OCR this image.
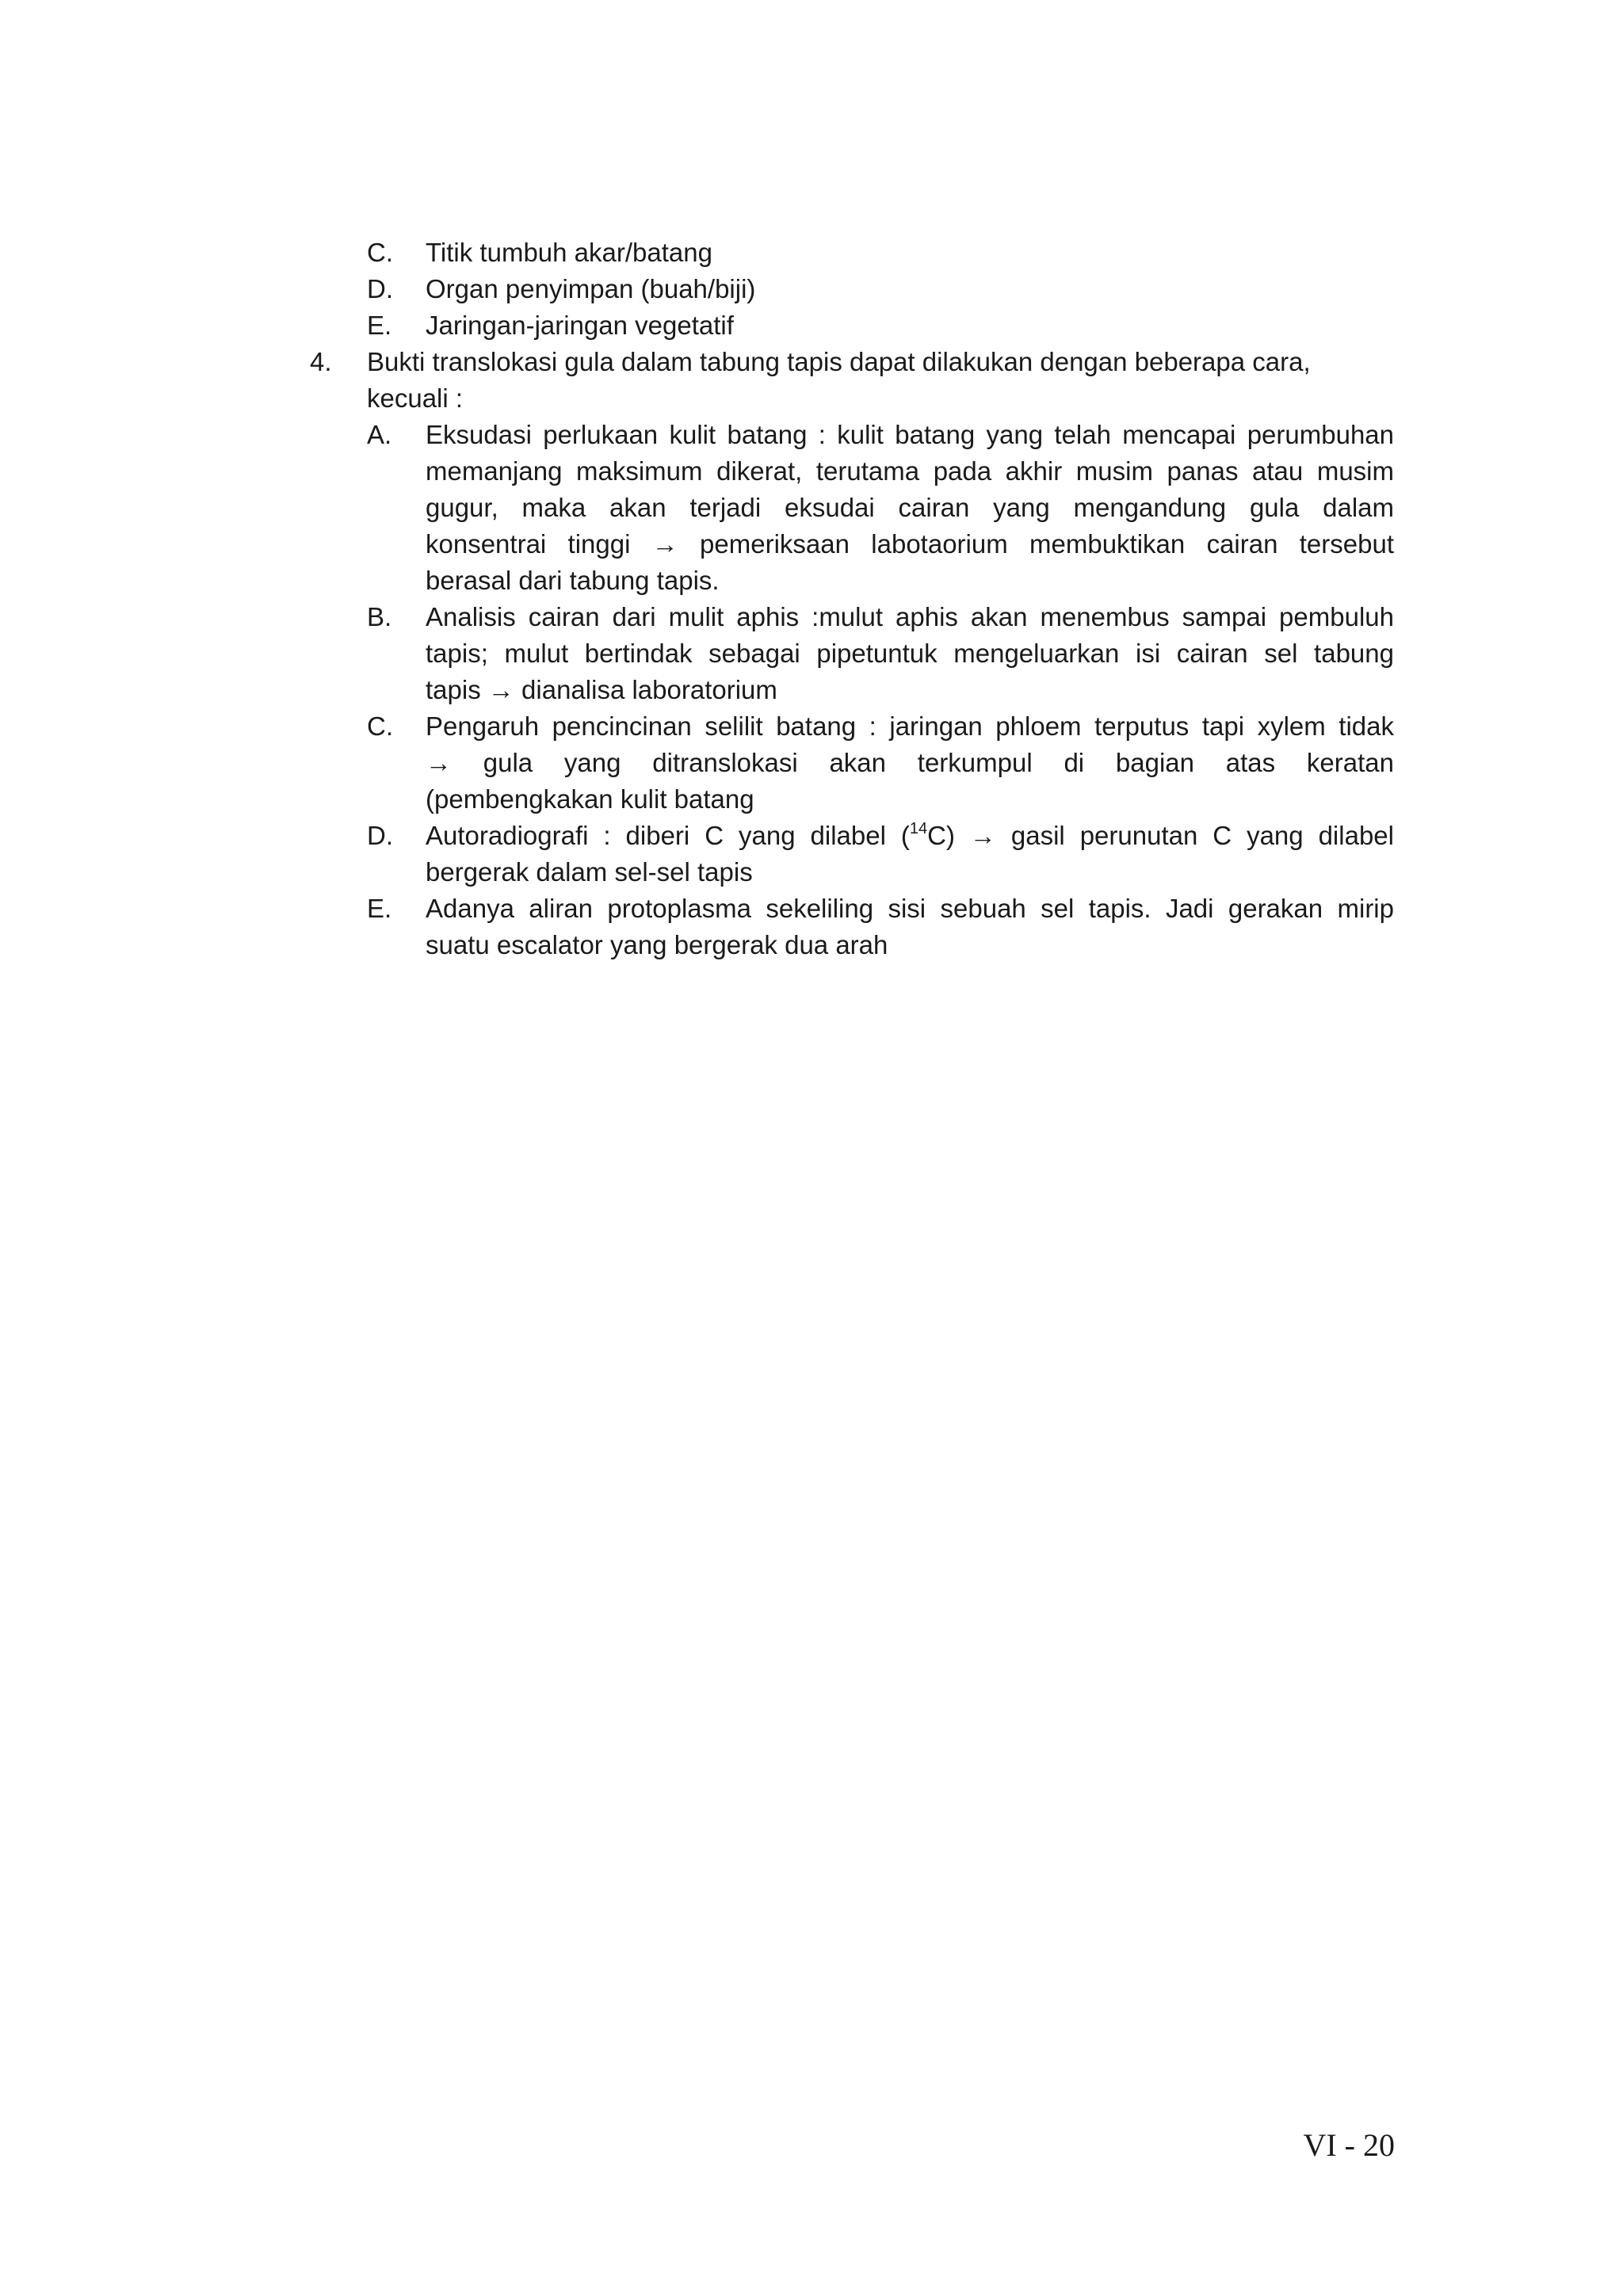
C. Titik tumbuh akar/batang
D. Organ penyimpan (buah/biji)
E. Jaringan-jaringan vegetatif
4. Bukti translokasi gula dalam tabung tapis dapat dilakukan dengan beberapa cara,
kecuali :
A. Eksudasi perlukaan kulit batang : kulit batang yang telah mencapai perumbuhan
memanjang maksimum dikerat, terutama pada akhir musim panas atau musim
gugur, maka akan terjadi eksudai cairan yang mengandung gula dalam
konsentrai tinggi → pemeriksaan labotaorium membuktikan cairan tersebut
berasal dari tabung tapis.
B. Analisis cairan dari mulit aphis :mulut aphis akan menembus sampai pembuluh
tapis; mulut bertindak sebagai pipetuntuk mengeluarkan isi cairan sel tabung
tapis → dianalisa laboratorium
C. Pengaruh pencincinan selilit batang : jaringan phloem terputus tapi xylem tidak
→ gula yang ditranslokasi akan terkumpul di bagian atas keratan
(pembengkakan kulit batang
D. Autoradiografi : diberi C yang dilabel ($^{14}$C) → gasil perunutan C yang dilabel
bergerak dalam sel-sel tapis
E. Adanya aliran protoplasma sekeliling sisi sebuah sel tapis. Jadi gerakan mirip
suatu escalator yang bergerak dua arah
VI - 20
